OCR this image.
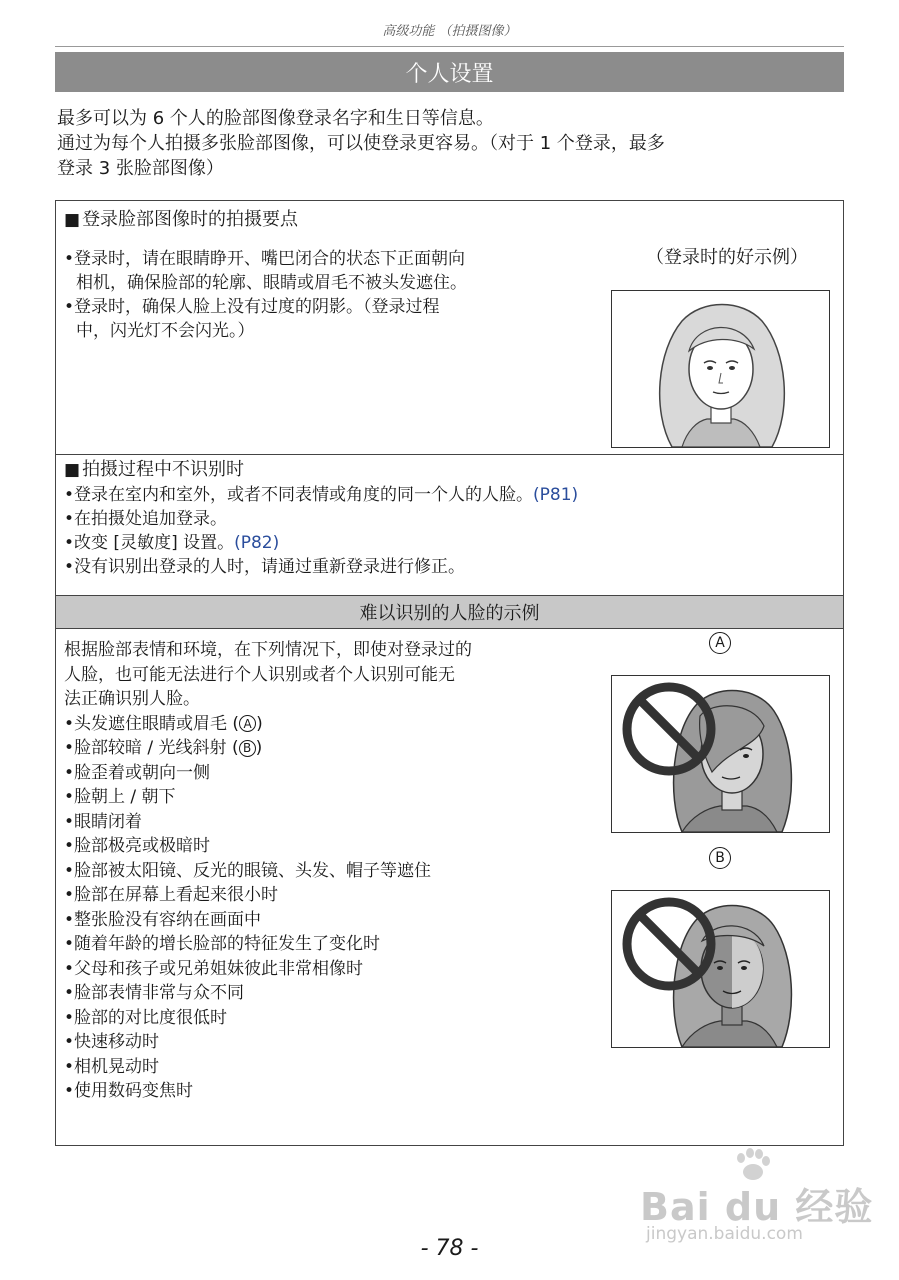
高级功能 （拍摄图像）
个人设置
最多可以为 6 个人的脸部图像登录名字和生日等信息。
通过为每个人拍摄多张脸部图像，可以使登录更容易。（对于 1 个登录，最多
登录 3 张脸部图像）
■ 登录脸部图像时的拍摄要点
•登录时，请在眼睛睁开、嘴巴闭合的状态下正面朝向
相机，确保脸部的轮廓、眼睛或眉毛不被头发遮住。
•登录时，确保人脸上没有过度的阴影。（登录过程
中，闪光灯不会闪光。）
（登录时的好示例）
■ 拍摄过程中不识别时
•登录在室内和室外，或者不同表情或角度的同一个人的人脸。(P81)
•在拍摄处追加登录。
•改变 [灵敏度] 设置。(P82)
•没有识别出登录的人时，请通过重新登录进行修正。
难以识别的人脸的示例
根据脸部表情和环境，在下列情况下，即使对登录过的
人脸，也可能无法进行个人识别或者个人识别可能无
法正确识别人脸。
•头发遮住眼睛或眉毛 ( A )
•脸部较暗 / 光线斜射 ( B )
•脸歪着或朝向一侧
•脸朝上 / 朝下
•眼睛闭着
•脸部极亮或极暗时
•脸部被太阳镜、反光的眼镜、头发、帽子等遮住
•脸部在屏幕上看起来很小时
•整张脸没有容纳在画面中
•随着年龄的增长脸部的特征发生了变化时
•父母和孩子或兄弟姐妹彼此非常相像时
•脸部表情非常与众不同
•脸部的对比度很低时
•快速移动时
•相机晃动时
•使用数码变焦时
A
B
Bai du 经验
jingyan.baidu.com
- 78 -
